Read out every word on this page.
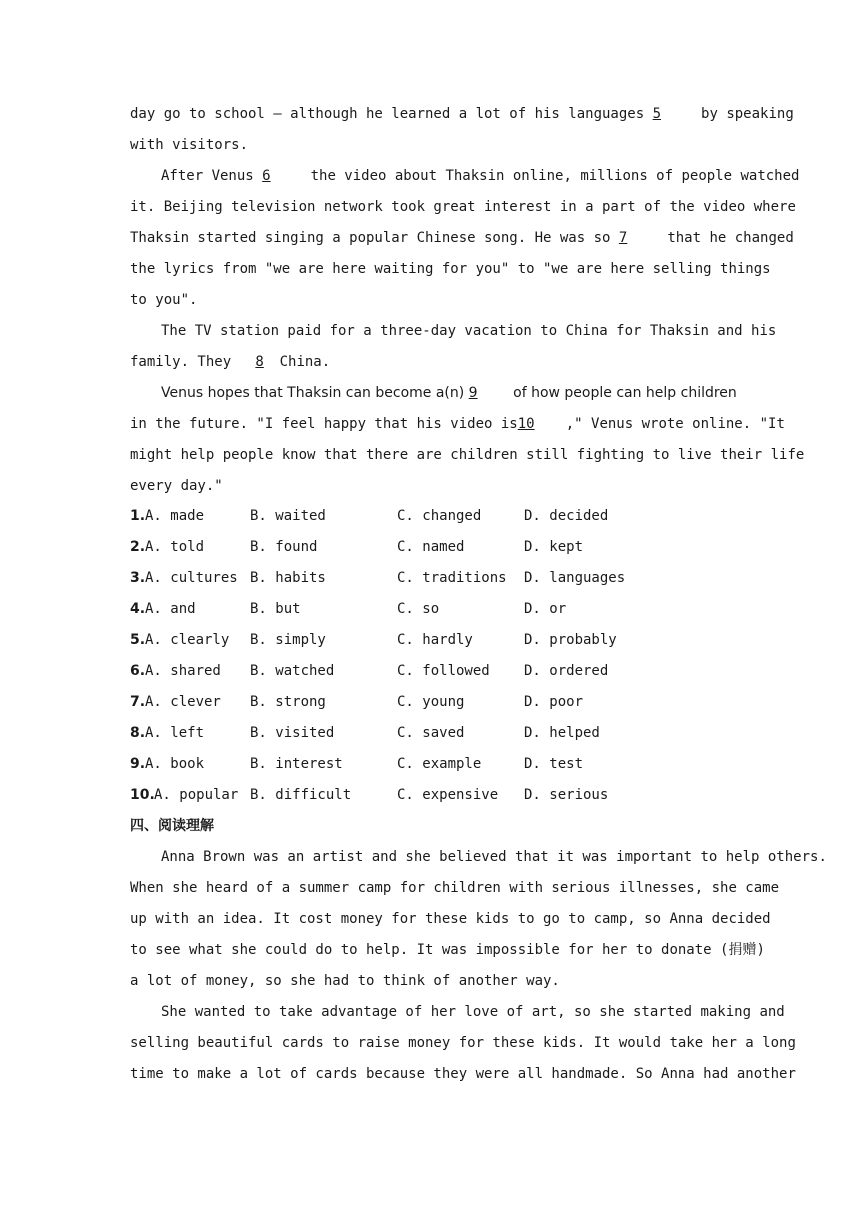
day go to school — although he learned a lot of his languages 5	by speaking
with visitors.
After Venus 6	the video about Thaksin online, millions of people watched
it. Beijing television network took great interest in a part of the video where
Thaksin started singing a popular Chinese song. He was so 7	that he changed
the lyrics from "we are here waiting for you" to "we are here selling things
to you".
The TV station paid for a three-day vacation to China for Thaksin and his
family. They 8 China.
Venus hopes that Thaksin can become a(n) 9	of how people can help children
in the future. "I feel happy that his video is10 ," Venus wrote online. "It
might help people know that there are children still fighting to live their life
every day."
1. A. made	B. waited	C. changed	D. decided
2. A. told	B. found	C. named	D. kept
3. A. cultures B. habits	C. traditions D. languages
4. A. and	B. but	C. so	D. or
5. A. clearly B. simply	C. hardly	D. probably
6. A. shared B. watched	C. followed D. ordered
7. A. clever B. strong	C. young	D. poor
8. A. left	B. visited	C. saved	D. helped
9. A. book	B. interest	C. example	D. test
10. A. popular B. difficult	C. expensive D. serious
四、阅读理解
Anna Brown was an artist and she believed that it was important to help others.
When she heard of a summer camp for children with serious illnesses, she came
up with an idea. It cost money for these kids to go to camp, so Anna decided
to see what she could do to help. It was impossible for her to donate (捐赠)
a lot of money, so she had to think of another way.
She wanted to take advantage of her love of art, so she started making and
selling beautiful cards to raise money for these kids. It would take her a long
time to make a lot of cards because they were all handmade. So Anna had another
